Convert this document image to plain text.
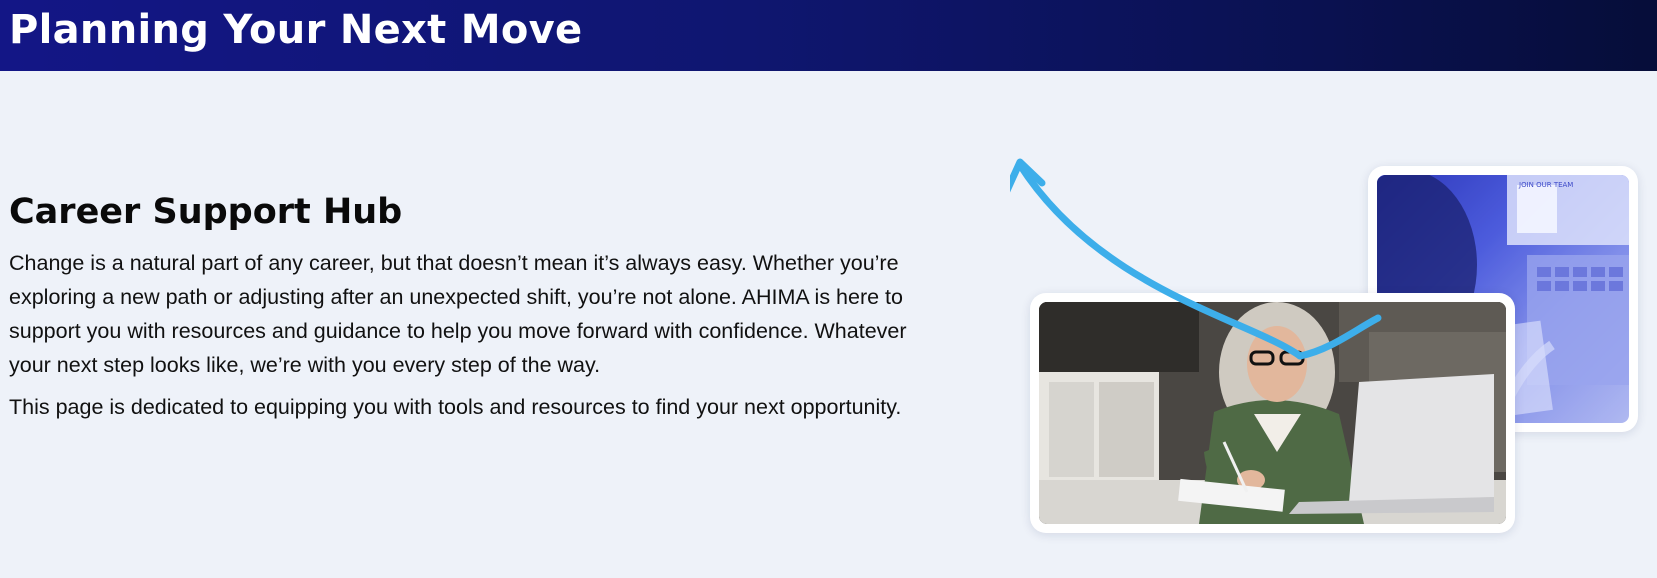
Planning Your Next Move
Career Support Hub

Change is a natural part of any career, but that doesn’t mean it’s always easy. Whether you’re exploring a new path or adjusting after an unexpected shift, you’re not alone. AHIMA is here to support you with resources and guidance to help you move forward with confidence. Whatever your next step looks like, we’re with you every step of the way.

This page is dedicated to equipping you with tools and resources to find your next opportunity.

JOIN OUR TEAM
